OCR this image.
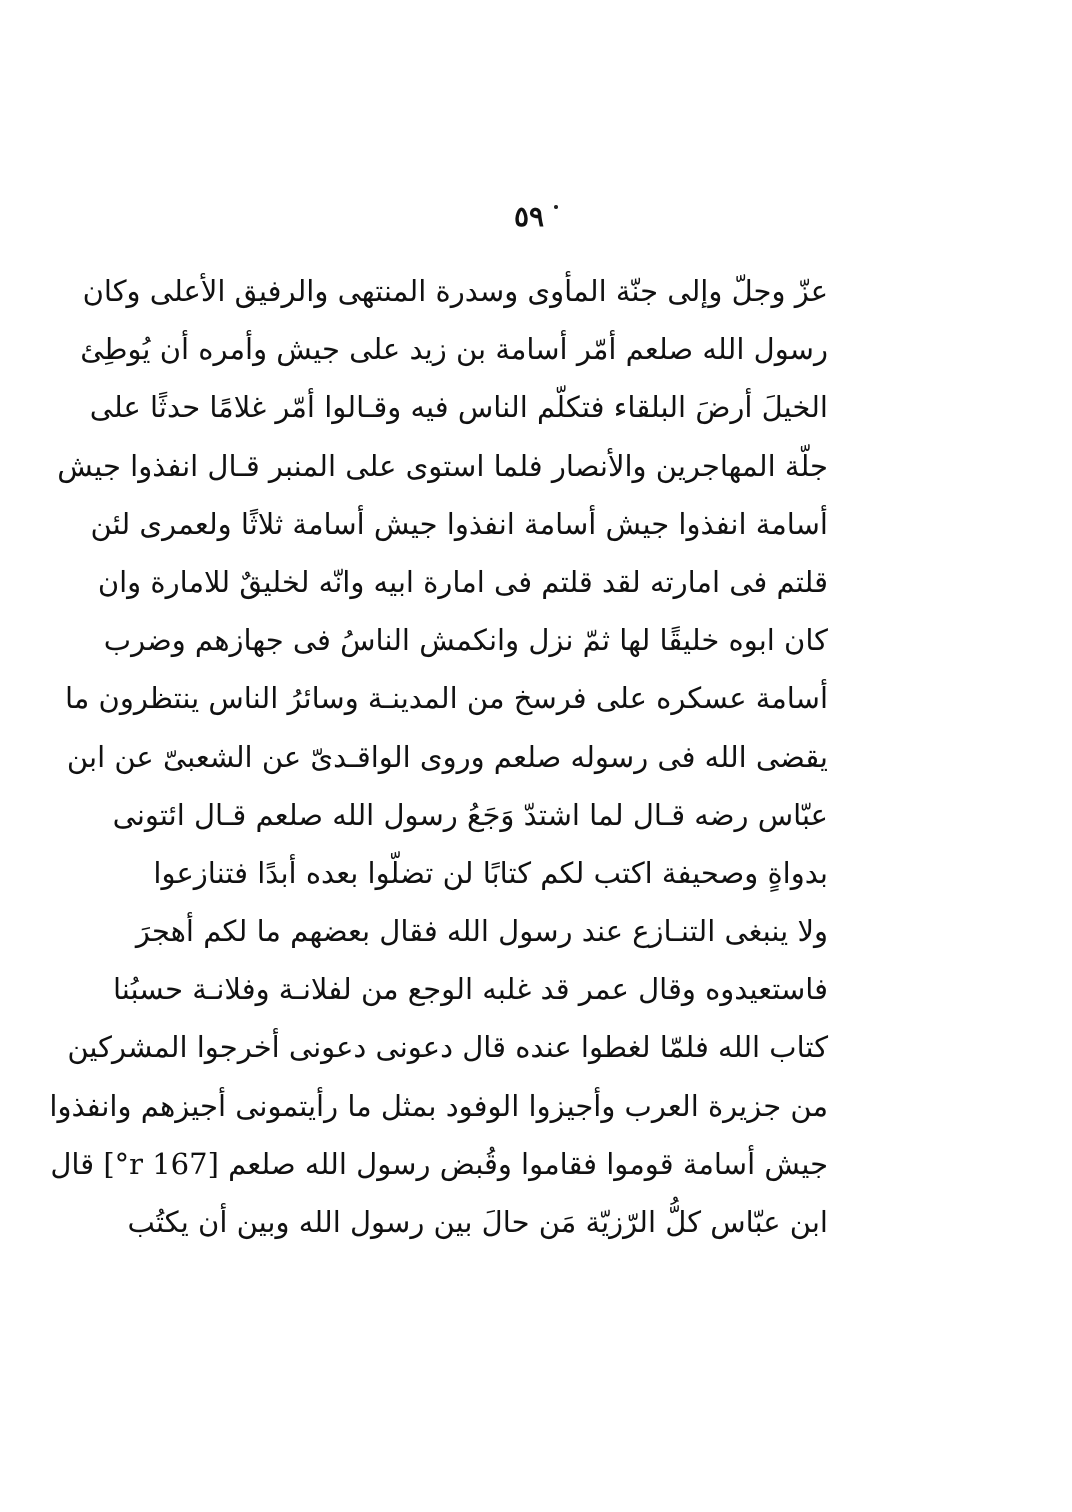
٥٩
عزّ وجلّ وإلى جنّة المأوى وسدرة المنتهى والرفيق الأعلى وكان
رسول الله صلعم أمّر أسامة بن زيد على جيش وأمره أن يُوطِئ
الخيلَ أرضَ البلقاء فتكلّم الناس فيه وقـالوا أمّر غلامًا حدثًا على
جلّة المهاجرين والأنصار فلما استوى على المنبر قـال انفذوا جيش
أسامة انفذوا جيش أسامة انفذوا جيش أسامة ثلاثًا ولعمرى لئن
قلتم فى امارته لقد قلتم فى امارة ابيه وانّه لخليقٌ للامارة وان
كان ابوه خليقًا لها ثمّ نزل وانكمش الناسُ فى جهازهم وضرب
أسامة عسكره على فرسخ من المدينـة وسائرُ الناس ينتظرون ما
يقضى الله فى رسوله صلعم وروى الواقـدىّ عن الشعبىّ عن ابن
عبّاس رضه قـال لما اشتدّ وَجَعُ رسول الله صلعم قـال ائتونى
بدواةٍ وصحيفة اكتب لكم كتابًا لن تضلّوا بعده أبدًا فتنازعوا
ولا ينبغى التنـازع عند رسول الله فقال بعضهم ما لكم أهجرَ
فاستعيدوه وقال عمر قد غلبه الوجع من لفلانـة وفلانـة حسبُنا
كتاب الله فلمّا لغطوا عنده قال دعونى دعونى أخرجوا المشركين
من جزيرة العرب وأجيزوا الوفود بمثل ما رأيتمونى أجيزهم وانفذوا
جيش أسامة قوموا فقاموا وقُبض رسول الله صلعم [167 r°] قال
ابن عبّاس كلُّ الرّزيّة مَن حالَ بين رسول الله وبين أن يكتُب
